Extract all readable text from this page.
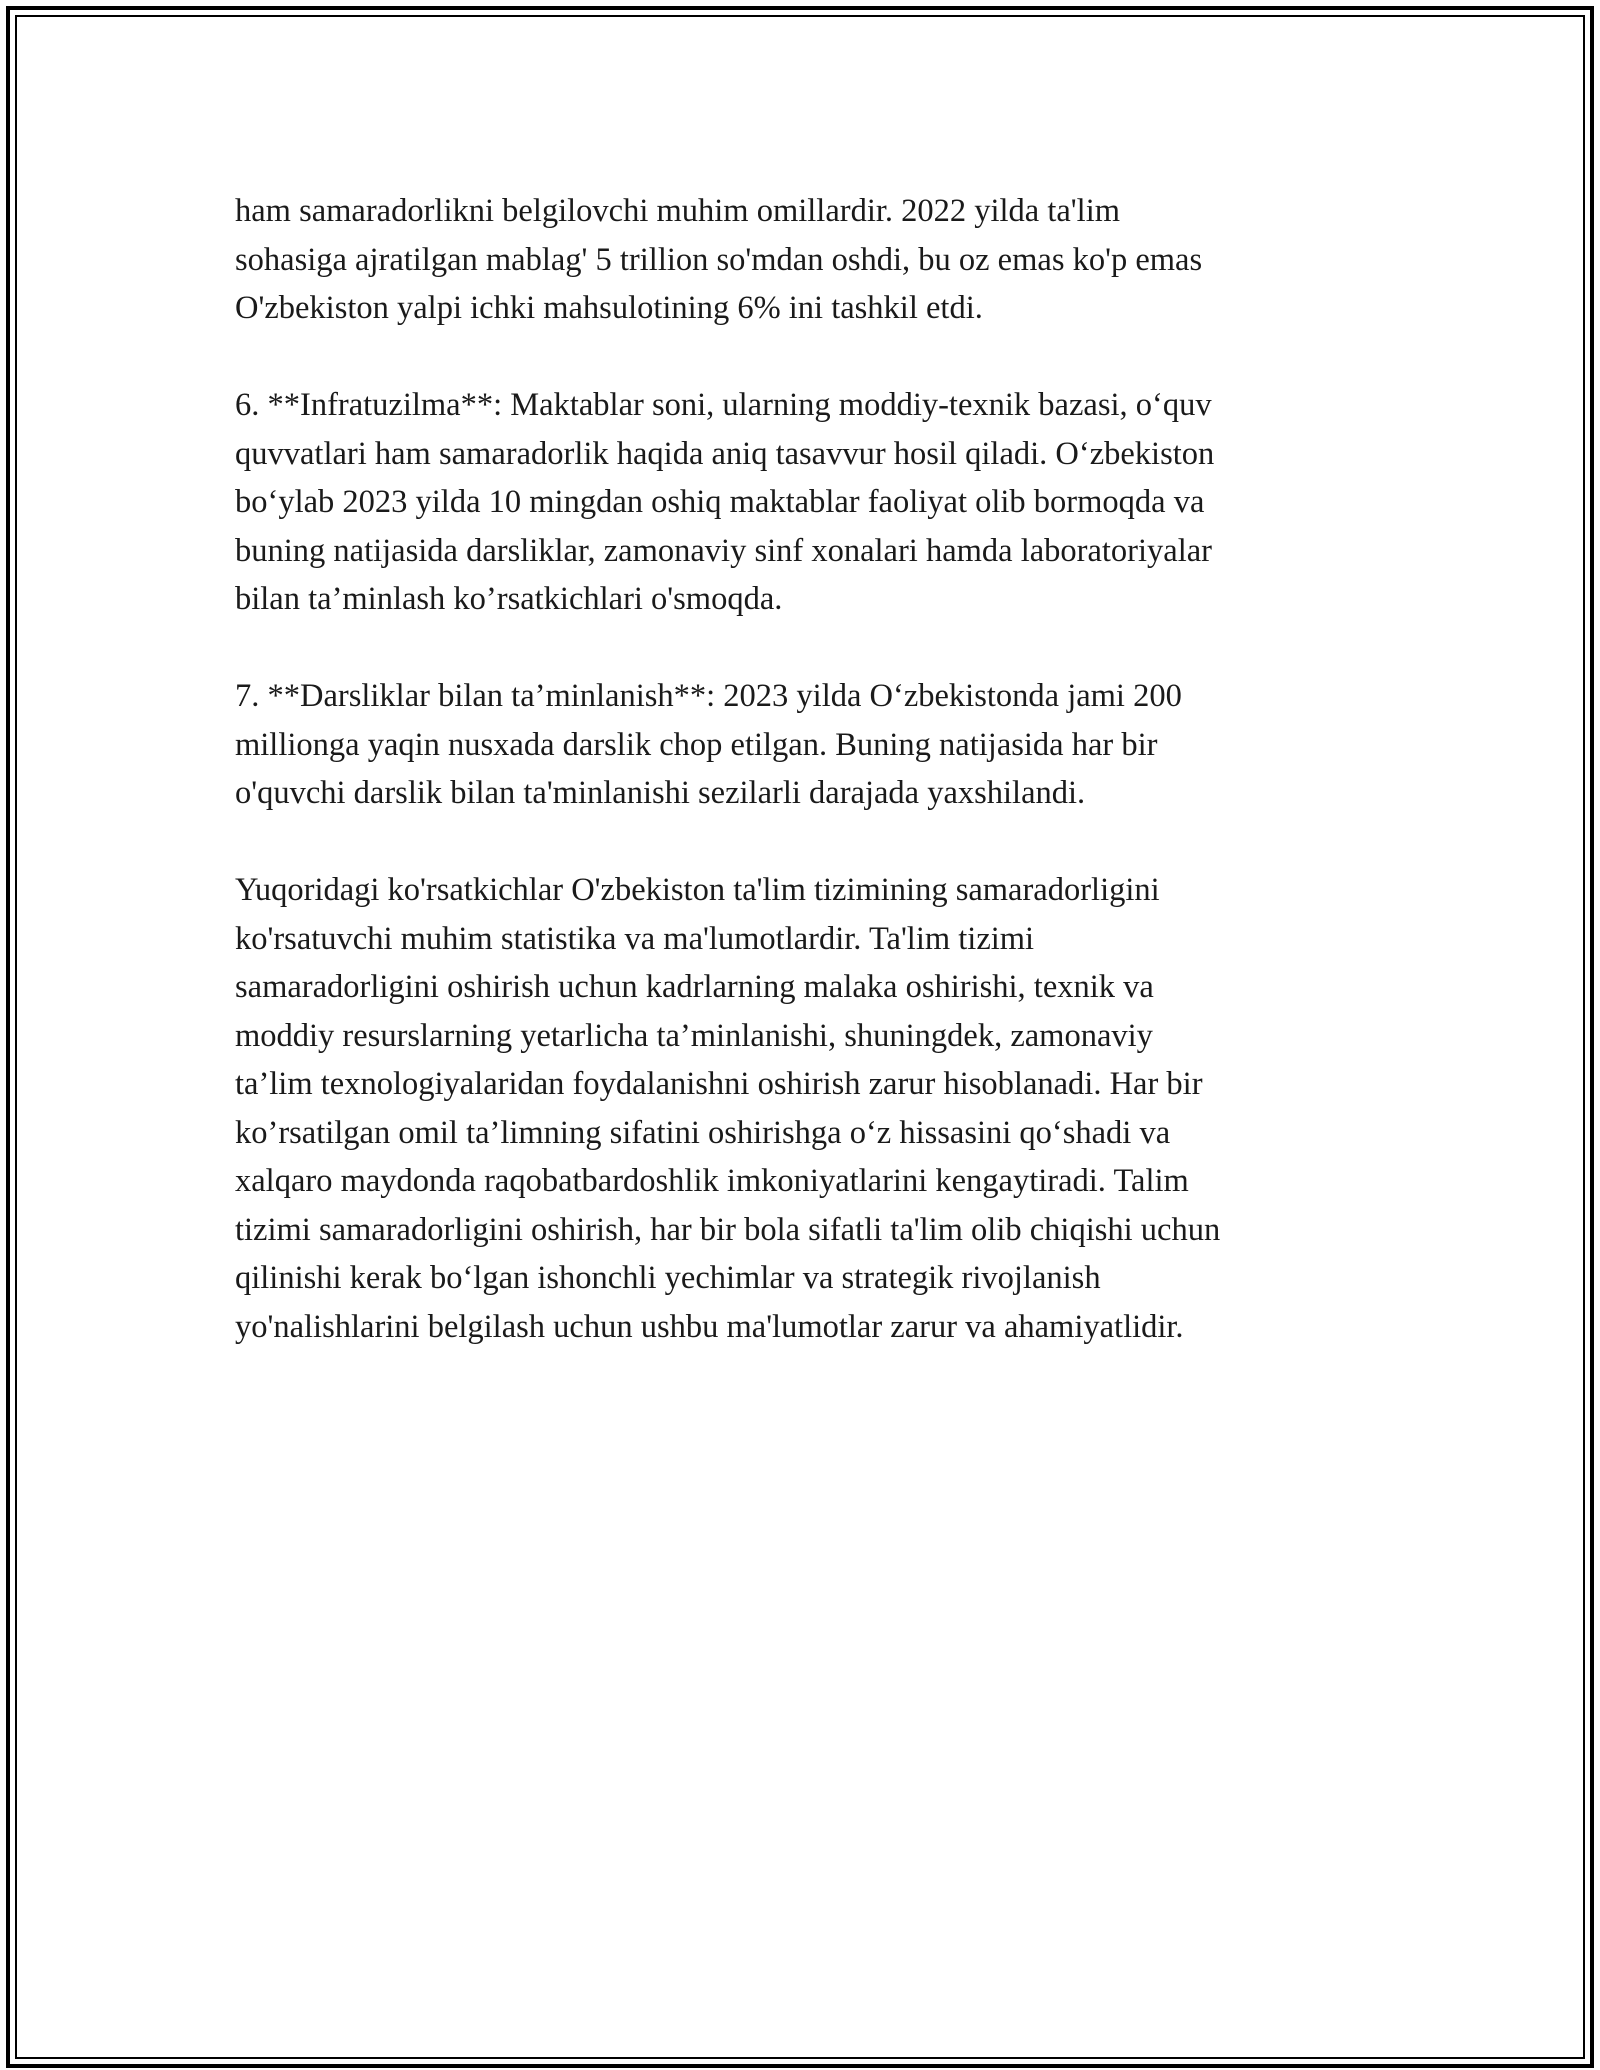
ham samaradorlikni belgilovchi muhim omillardir. 2022 yilda ta'lim
sohasiga ajratilgan mablag' 5 trillion so'mdan oshdi, bu oz emas ko'p emas
O'zbekiston yalpi ichki mahsulotining 6% ini tashkil etdi.

6. **Infratuzilma**: Maktablar soni, ularning moddiy-texnik bazasi, o‘quv
quvvatlari ham samaradorlik haqida aniq tasavvur hosil qiladi. O‘zbekiston
bo‘ylab 2023 yilda 10 mingdan oshiq maktablar faoliyat olib bormoqda va
buning natijasida darsliklar, zamonaviy sinf xonalari hamda laboratoriyalar
bilan ta’minlash ko’rsatkichlari o'smoqda.

7. **Darsliklar bilan ta’minlanish**: 2023 yilda O‘zbekistonda jami 200
millionga yaqin nusxada darslik chop etilgan. Buning natijasida har bir
o'quvchi darslik bilan ta'minlanishi sezilarli darajada yaxshilandi.

Yuqoridagi ko'rsatkichlar O'zbekiston ta'lim tizimining samaradorligini
ko'rsatuvchi muhim statistika va ma'lumotlardir. Ta'lim tizimi
samaradorligini oshirish uchun kadrlarning malaka oshirishi, texnik va
moddiy resurslarning yetarlicha ta’minlanishi, shuningdek, zamonaviy
ta’lim texnologiyalaridan foydalanishni oshirish zarur hisoblanadi. Har bir
ko’rsatilgan omil ta’limning sifatini oshirishga o‘z hissasini qo‘shadi va
xalqaro maydonda raqobatbardoshlik imkoniyatlarini kengaytiradi. Talim
tizimi samaradorligini oshirish, har bir bola sifatli ta'lim olib chiqishi uchun
qilinishi kerak bo‘lgan ishonchli yechimlar va strategik rivojlanish
yo'nalishlarini belgilash uchun ushbu ma'lumotlar zarur va ahamiyatlidir.
